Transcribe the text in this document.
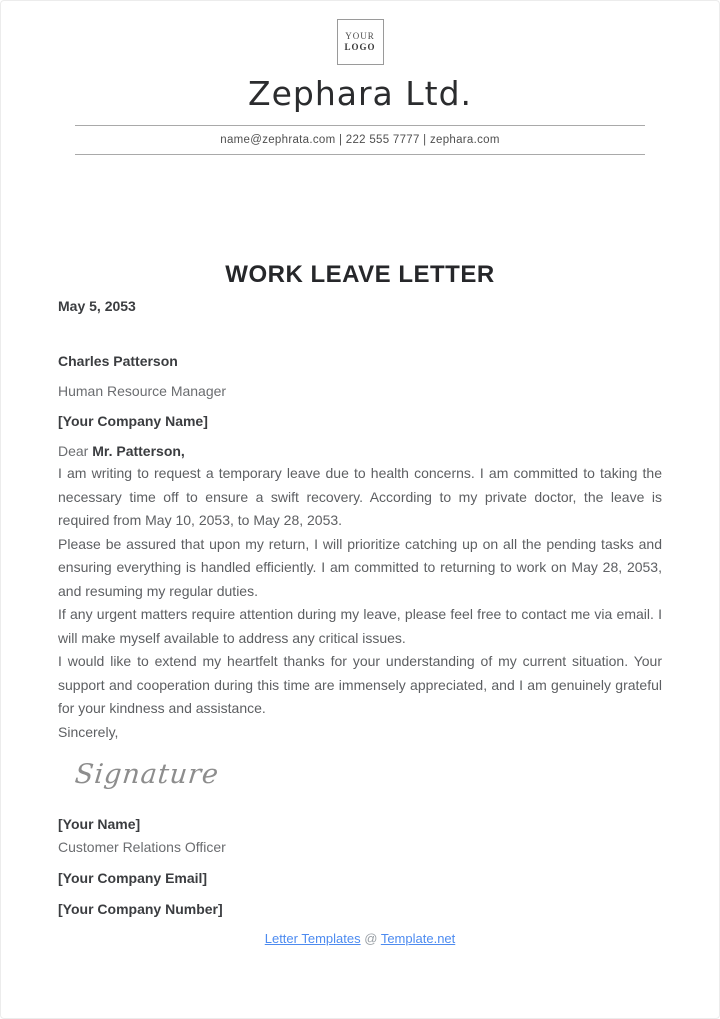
YOUR
LOGO
Zephara Ltd.
name@zephrata.com | 222 555 7777 | zephara.com
WORK LEAVE LETTER
May 5, 2053
Charles Patterson
Human Resource Manager
[Your Company Name]
Dear Mr. Patterson,

I am writing to request a temporary leave due to health concerns. I am committed to taking the necessary time off to ensure a swift recovery. According to my private doctor, the leave is required from May 10, 2053, to May 28, 2053.

Please be assured that upon my return, I will prioritize catching up on all the pending tasks and ensuring everything is handled efficiently. I am committed to returning to work on May 28, 2053, and resuming my regular duties.

If any urgent matters require attention during my leave, please feel free to contact me via email. I will make myself available to address any critical issues.

I would like to extend my heartfelt thanks for your understanding of my current situation. Your support and cooperation during this time are immensely appreciated, and I am genuinely grateful for your kindness and assistance.

Sincerely,

Signature
[Your Name]
Customer Relations Officer
[Your Company Email]
[Your Company Number]
Letter Templates @ Template.net
